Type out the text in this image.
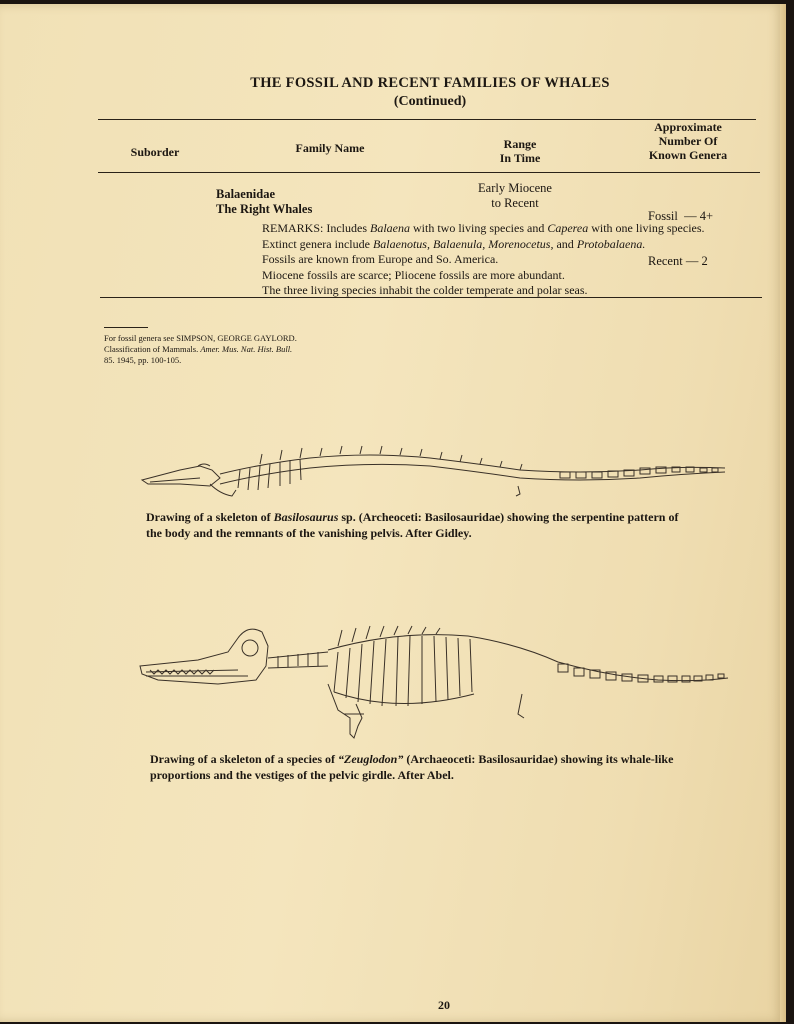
THE FOSSIL AND RECENT FAMILIES OF WHALES
(Continued)
Suborder	Family Name	Range
In Time
Approximate
Number Of
Known Genera
Balaenidae
The Right Whales
Early Miocene
to Recent

Fossil  — 4+

Recent — 2

REMARKS: Includes Balaena with two living species and Caperea with one living species.
Extinct genera include Balaenotus, Balaenula, Morenocetus, and Protobalaena.
Fossils are known from Europe and So. America.
Miocene fossils are scarce; Pliocene fossils are more abundant.
The three living species inhabit the colder temperate and polar seas.
For fossil genera see SIMPSON, GEORGE GAYLORD.
Classification of Mammals. Amer. Mus. Nat. Hist. Bull.
85. 1945, pp. 100-105.
Drawing of a skeleton of Basilosaurus sp. (Archeoceti: Basilosauridae) showing the serpentine pattern of
the body and the remnants of the vanishing pelvis. After Gidley.
Drawing of a skeleton of a species of “Zeuglodon” (Archaeoceti: Basilosauridae) showing its whale-like
proportions and the vestiges of the pelvic girdle. After Abel.
20
